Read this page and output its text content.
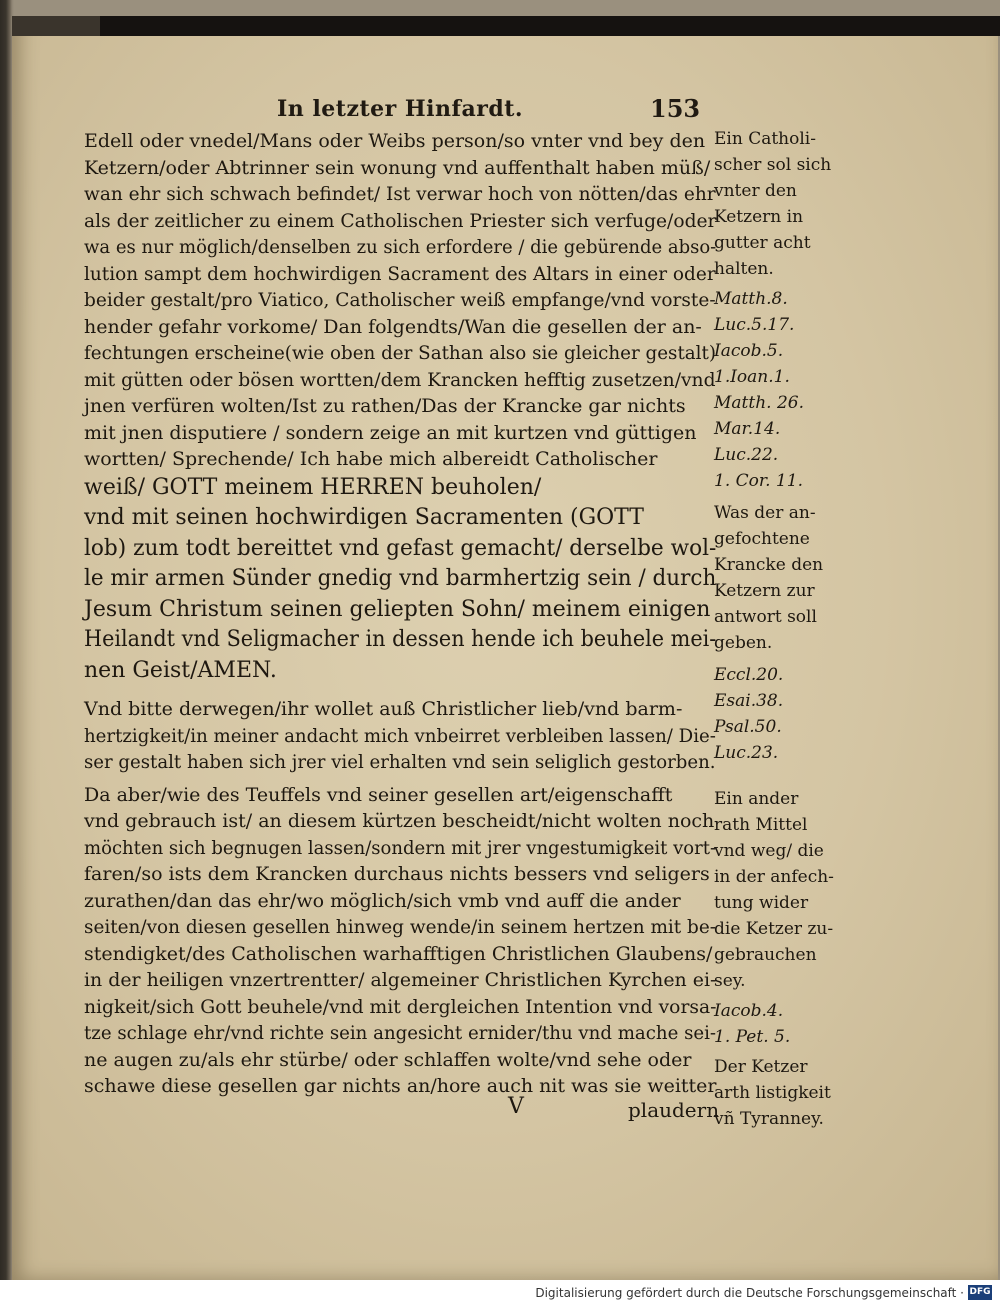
In letzter Hinfardt.	153
Edell oder vnedel/Mans oder Weibs person/so vnter vnd bey den
Ketzern/oder Abtrinner sein wonung vnd auffenthalt haben müß/
wan ehr sich schwach befindet/ Ist verwar hoch von nötten/das ehr
als der zeitlicher zu einem Catholischen Priester sich verfuge/oder
wa es nur möglich/denselben zu sich erfordere / die gebürende abso-
lution sampt dem hochwirdigen Sacrament des Altars in einer oder
beider gestalt/pro Viatico, Catholischer weiß empfange/vnd vorste-
hender gefahr vorkome/ Dan folgendts/Wan die gesellen der an-
fechtungen erscheine(wie oben der Sathan also sie gleicher gestalt)
mit gütten oder bösen wortten/dem Krancken hefftig zusetzen/vnd
jnen verfüren wolten/Ist zu rathen/Das der Krancke gar nichts
mit jnen disputiere / sondern zeige an mit kurtzen vnd güttigen
wortten/ Sprechende/ Ich habe mich albereidt Catholischer
weiß/ GOTT meinem HERREN beuholen/
vnd mit seinen hochwirdigen Sacramenten (GOTT
lob) zum todt bereittet vnd gefast gemacht/ derselbe wol-
le mir armen Sünder gnedig vnd barmhertzig sein / durch
Jesum Christum seinen geliepten Sohn/ meinem einigen
Heilandt vnd Seligmacher in dessen hende ich beuhele mei-
nen Geist/AMEN.
Vnd bitte derwegen/ihr wollet auß Christlicher lieb/vnd barm-
hertzigkeit/in meiner andacht mich vnbeirret verbleiben lassen/ Die-
ser gestalt haben sich jrer viel erhalten vnd sein seliglich gestorben.
Da aber/wie des Teuffels vnd seiner gesellen art/eigenschafft
vnd gebrauch ist/ an diesem kürtzen bescheidt/nicht wolten noch
möchten sich begnugen lassen/sondern mit jrer vngestumigkeit vort-
faren/so ists dem Krancken durchaus nichts bessers vnd seligers
zurathen/dan das ehr/wo möglich/sich vmb vnd auff die ander
seiten/von diesen gesellen hinweg wende/in seinem hertzen mit be-
stendigket/des Catholischen warhafftigen Christlichen Glaubens/
in der heiligen vnzertrentter/ algemeiner Christlichen Kyrchen ei-
nigkeit/sich Gott beuhele/vnd mit dergleichen Intention vnd vorsa-
tze schlage ehr/vnd richte sein angesicht ernider/thu vnd mache sei-
ne augen zu/als ehr stürbe/ oder schlaffen wolte/vnd sehe oder
schawe diese gesellen gar nichts an/hore auch nit was sie weitter
Ein Catholi-
scher sol sich
vnter den
Ketzern in
gutter acht
halten.
Matth.8.
Luc.5.17.
Iacob.5.
1.Ioan.1.
Matth. 26.
Mar.14.
Luc.22.
1. Cor. 11.
Was der an-
gefochtene
Krancke den
Ketzern zur
antwort soll
geben.
Eccl.20.
Esai.38.
Psal.50.
Luc.23.
Ein ander
rath Mittel
vnd weg/ die
in der anfech-
tung wider
die Ketzer zu-
gebrauchen
sey.
Iacob.4.
1. Pet. 5.
Der Ketzer
arth listigkeit
vñ Tyranney.
V	plaudern
Digitalisierung gefördert durch die Deutsche Forschungsgemeinschaft · DFG
